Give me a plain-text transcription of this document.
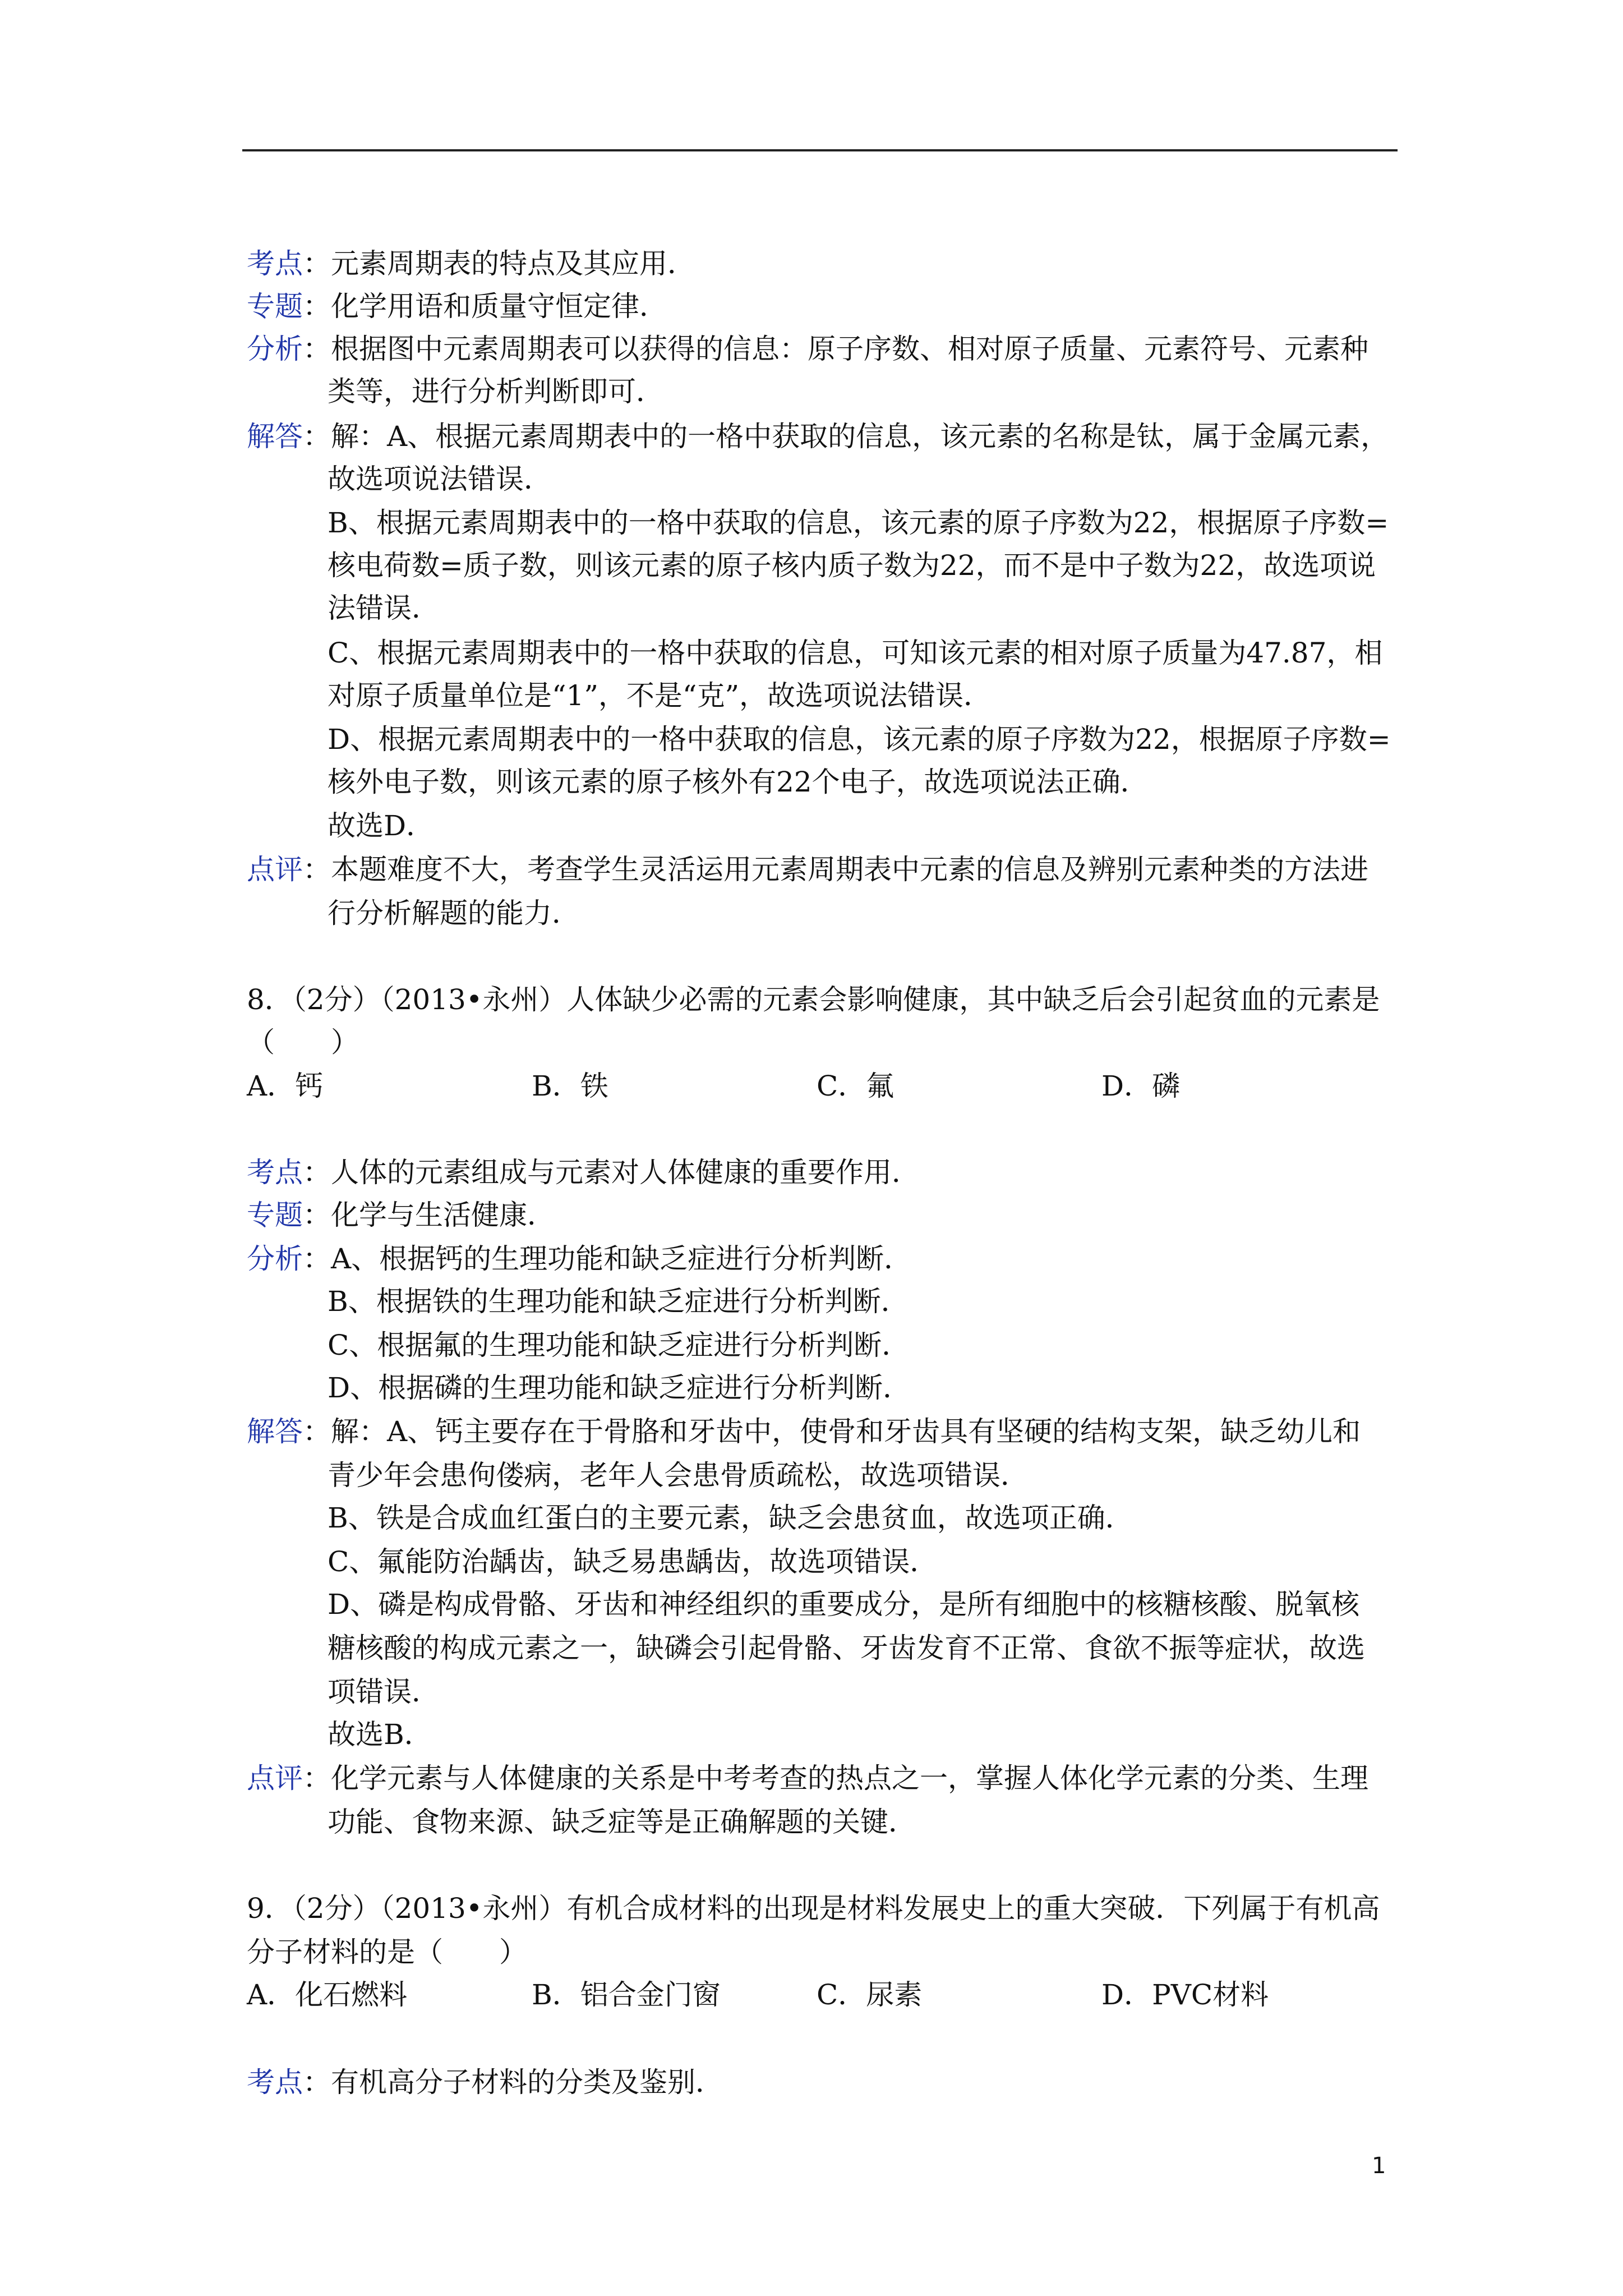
考点：元素周期表的特点及其应用．
专题：化学用语和质量守恒定律．
分析：根据图中元素周期表可以获得的信息：原子序数、相对原子质量、元素符号、元素种
类等，进行分析判断即可．
解答：解：A、根据元素周期表中的一格中获取的信息，该元素的名称是钛，属于金属元素，
故选项说法错误．
B、根据元素周期表中的一格中获取的信息，该元素的原子序数为22，根据原子序数=
核电荷数=质子数，则该元素的原子核内质子数为22，而不是中子数为22，故选项说
法错误．
C、根据元素周期表中的一格中获取的信息，可知该元素的相对原子质量为47.87，相
对原子质量单位是“1”，不是“克”，故选项说法错误．
D、根据元素周期表中的一格中获取的信息，该元素的原子序数为22，根据原子序数=
核外电子数，则该元素的原子核外有22个电子，故选项说法正确．
故选D．
点评：本题难度不大，考查学生灵活运用元素周期表中元素的信息及辨别元素种类的方法进
行分析解题的能力．
8．（2分）（2013•永州）人体缺少必需的元素会影响健康，其中缺乏后会引起贫血的元素是
（　　）
A．钙	B．铁	C．氟	D．磷
考点：人体的元素组成与元素对人体健康的重要作用．
专题：化学与生活健康．
分析：A、根据钙的生理功能和缺乏症进行分析判断．
B、根据铁的生理功能和缺乏症进行分析判断．
C、根据氟的生理功能和缺乏症进行分析判断．
D、根据磷的生理功能和缺乏症进行分析判断．
解答：解：A、钙主要存在于骨胳和牙齿中，使骨和牙齿具有坚硬的结构支架，缺乏幼儿和
青少年会患佝偻病，老年人会患骨质疏松，故选项错误．
B、铁是合成血红蛋白的主要元素，缺乏会患贫血，故选项正确．
C、氟能防治龋齿，缺乏易患龋齿，故选项错误．
D、磷是构成骨骼、牙齿和神经组织的重要成分，是所有细胞中的核糖核酸、脱氧核
糖核酸的构成元素之一，缺磷会引起骨骼、牙齿发育不正常、食欲不振等症状，故选
项错误．
故选B．
点评：化学元素与人体健康的关系是中考考查的热点之一，掌握人体化学元素的分类、生理
功能、食物来源、缺乏症等是正确解题的关键．
9．（2分）（2013•永州）有机合成材料的出现是材料发展史上的重大突破．下列属于有机高
分子材料的是（　　）
A．化石燃料	B．铝合金门窗	C．尿素	D．PVC材料
考点：有机高分子材料的分类及鉴别．
1
